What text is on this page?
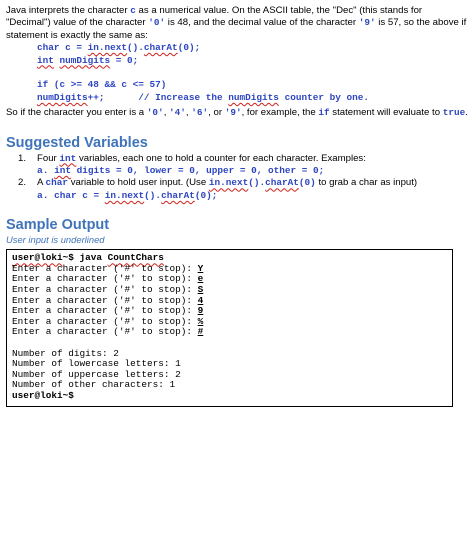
Java interprets the character c as a numerical value. On the ASCII table, the "Dec" (this stands for "Decimal") value of the character '0' is 48, and the decimal value of the character '9' is 57, so the above if statement is exactly the same as:

char c = in.next().charAt(0);
int numDigits = 0;

if (c >= 48 && c <= 57)
numDigits++;      // Increase the numDigits counter by one.

So if the character you enter is a '0', '4', '6', or '9', for example, the if statement will evaluate to true.

Suggested Variables
1. Four int variables, each one to hold a counter for each character. Examples:
a. int digits = 0, lower = 0, upper = 0, other = 0;
2. A char variable to hold user input. (Use in.next().charAt(0) to grab a char as input)
a. char c = in.next().charAt(0);
Sample Output

User input is underlined

user@loki~$ java CountChars
Enter a character ('#' to stop): Y
Enter a character ('#' to stop): e
Enter a character ('#' to stop): S
Enter a character ('#' to stop): 4
Enter a character ('#' to stop): 9
Enter a character ('#' to stop): %
Enter a character ('#' to stop): #

Number of digits: 2
Number of lowercase letters: 1
Number of uppercase letters: 2
Number of other characters: 1
user@loki~$
